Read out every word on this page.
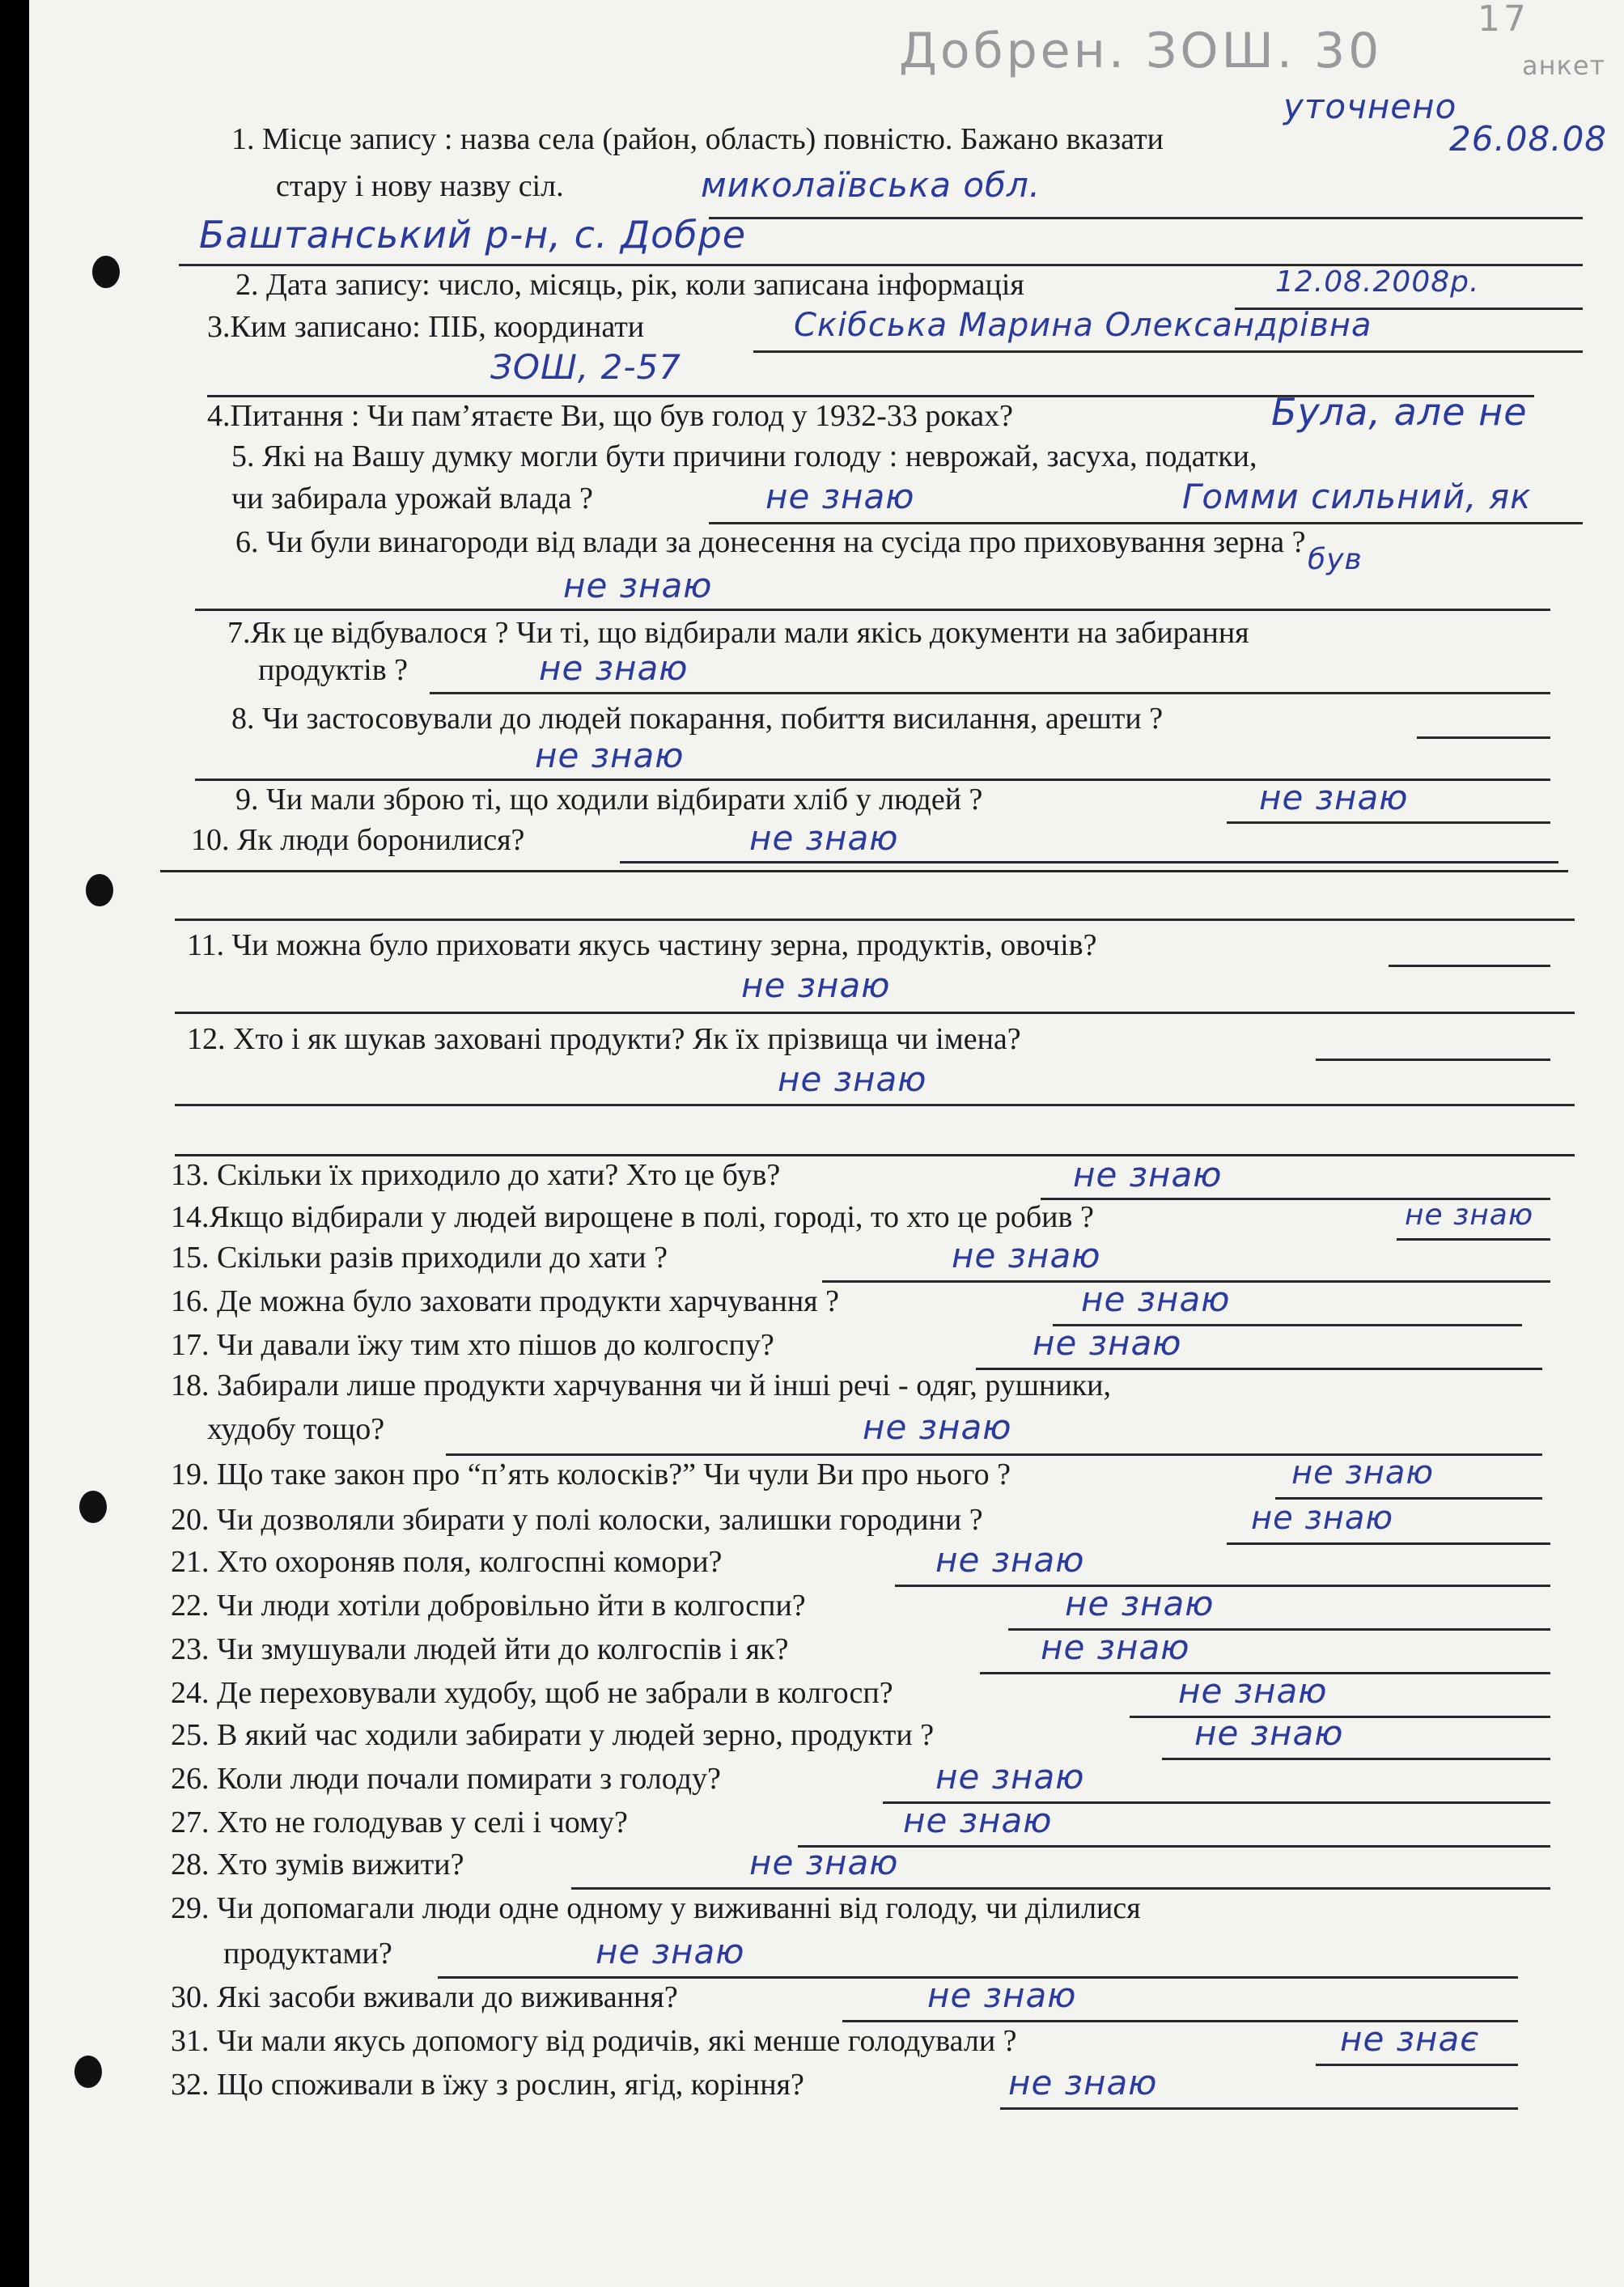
Добрен. ЗОШ. 30
17
анкет
уточнено
26.08.08
1. Місце запису : назва села (район, область) повністю. Бажано вказати
стару і нову назву сіл.	миколаївська обл.
Баштанський р-н, с. Добре
2. Дата запису: число, місяць, рік, коли записана інформація	12.08.2008р.
3.Ким записано: ПІБ, координати	Скібська Марина Олександрівна
ЗОШ, 2-57
4.Питання : Чи пам’ятаєте Ви, що був голод у 1932-33 роках?	Була, але не
5. Які на Вашу думку могли бути причини голоду : неврожай, засуха, податки,
чи забирала урожай влада ?	не знаю	Гомми сильний, як
6. Чи були винагороди від влади за донесення на сусіда про приховування зерна ?
був
не знаю
7.Як це відбувалося ? Чи ті, що відбирали мали якісь документи на забирання
продуктів ?	не знаю
8. Чи застосовували до людей покарання, побиття висилання, арешти ?
не знаю
9. Чи мали зброю ті, що ходили відбирати хліб у людей ?	не знаю
10. Як люди боронилися?	не знаю
11. Чи можна було приховати якусь частину зерна, продуктів, овочів?
не знаю
12. Хто і як шукав заховані продукти? Як їх прізвища чи імена?
не знаю
13. Скільки їх приходило до хати? Хто це був?	не знаю
14.Якщо відбирали у людей вирощене в полі, городі, то хто це робив ?	не знаю
15. Скільки разів приходили до хати ?	не знаю
16. Де можна було заховати продукти харчування ?	не знаю
17. Чи давали їжу тим хто пішов до колгоспу?	не знаю
18. Забирали лише продукти харчування чи й інші речі - одяг, рушники,
худобу тощо?	не знаю
19. Що таке закон про “п’ять колосків?” Чи чули Ви про нього ?	не знаю
20. Чи дозволяли збирати у полі колоски, залишки городини ?	не знаю
21. Хто охороняв поля, колгоспні комори?	не знаю
22. Чи люди хотіли добровільно йти в колгоспи?	не знаю
23. Чи змушували людей йти до колгоспів і як?	не знаю
24. Де переховували худобу, щоб не забрали в колгосп?	не знаю
25. В який час ходили забирати у людей зерно, продукти ?	не знаю
26. Коли люди почали помирати з голоду?	не знаю
27. Хто не голодував у селі і чому?	не знаю
28. Хто зумів вижити?	не знаю
29. Чи допомагали люди одне одному у виживанні від голоду, чи ділилися
продуктами?	не знаю
30. Які засоби вживали до виживання?	не знаю
31. Чи мали якусь допомогу від родичів, які менше голодували ?	не знає
32. Що споживали в їжу з рослин, ягід, коріння?	не знаю
